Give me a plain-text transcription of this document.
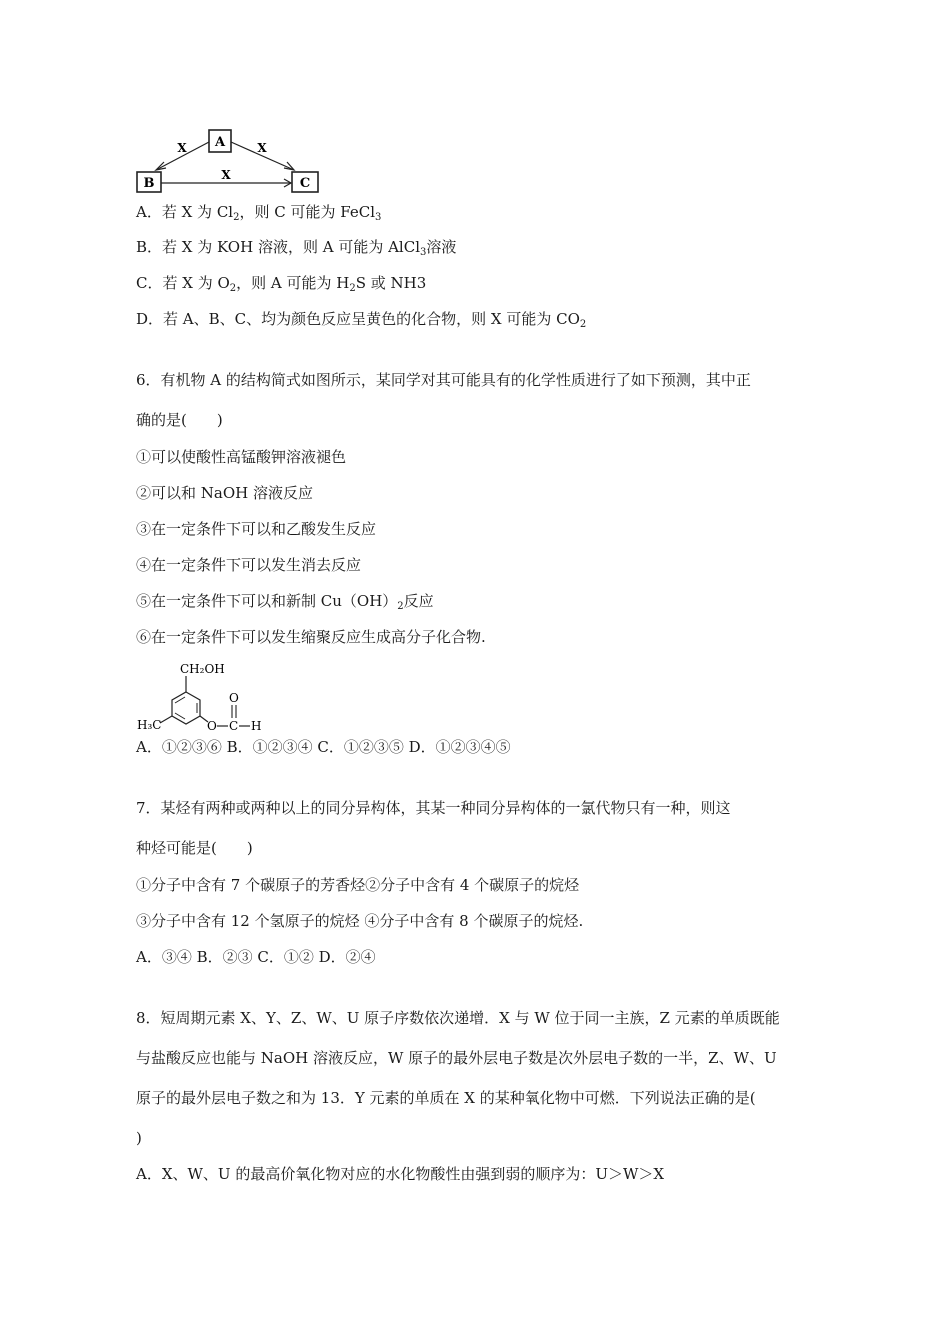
A
B	C
X	X
X
A．若 X 为 $Cl_2$，则 C 可能为 FeCl$_3$
B．若 X 为 KOH 溶液，则 A 可能为 AlCl$_3$溶液
C．若 X 为 $O_2$，则 A 可能为 $H_2S$ 或 NH3
D．若 A、B、C、均为颜色反应呈黄色的化合物，则 X 可能为 $CO_2$
6．有机物 A 的结构简式如图所示，某同学对其可能具有的化学性质进行了如下预测，其中正
确的是(　　)
①可以使酸性高锰酸钾溶液褪色
②可以和 NaOH 溶液反应
③在一定条件下可以和乙酸发生反应
④在一定条件下可以发生消去反应
⑤在一定条件下可以和新制 $Cu(OH)_2$反应
⑥在一定条件下可以发生缩聚反应生成高分子化合物.
CH₂OH
H₃C	O C
O
H
A．①②③⑥ B．①②③④ C．①②③⑤ D．①②③④⑤
7．某烃有两种或两种以上的同分异构体，其某一种同分异构体的一氯代物只有一种，则这
种烃可能是(　　)
①分子中含有 7 个碳原子的芳香烃②分子中含有 4 个碳原子的烷烃
③分子中含有 12 个氢原子的烷烃 ④分子中含有 8 个碳原子的烷烃.
A．③④ B．②③ C．①② D．②④
8．短周期元素 X、Y、Z、W、U 原子序数依次递增．X 与 W 位于同一主族，Z 元素的单质既能
与盐酸反应也能与 NaOH 溶液反应，W 原子的最外层电子数是次外层电子数的一半，Z、W、U
原子的最外层电子数之和为 13．Y 元素的单质在 X 的某种氧化物中可燃．下列说法正确的是(
)
A．X、W、U 的最高价氧化物对应的水化物酸性由强到弱的顺序为：U＞W＞X
